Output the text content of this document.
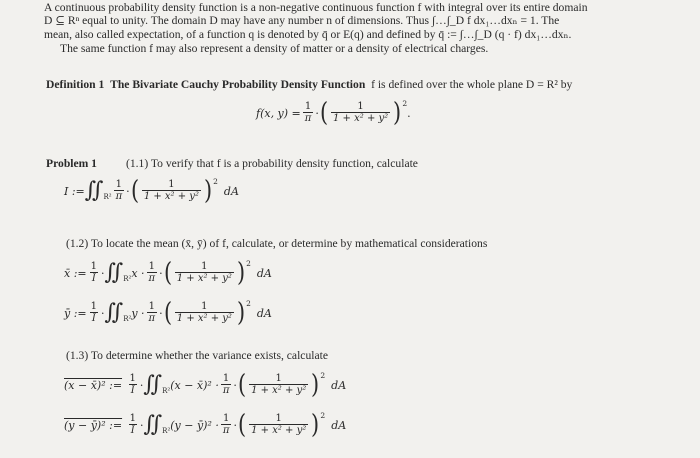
A continuous probability density function is a non-negative continuous function f with integral over its entire domain
D ⊆ Rⁿ equal to unity. The domain D may have any number n of dimensions. Thus ∫…∫_D f dx₁…dxₙ = 1. The
mean, also called expectation, of a function q is denoted by q̄ or E(q) and defined by q̄ := ∫…∫_D (q · f) dx₁…dxₙ.
The same function f may also represent a density of matter or a density of electrical charges.
Definition 1 The Bivariate Cauchy Probability Density Function f is defined over the whole plane D = R² by
f(x, $y) = \frac{1}{\pi}$ · ( $\frac{1}{\text{1 + x² + y²}} )^2$
.
Problem 1	(1.1) To verify that f is a probability density function, calculate
I := $∬_{R^2} \frac{1}{\pi}$ · ( $\frac{1}{\text{1 + x² + y²}} )^2$
dA
(1.2) To locate the mean (x̄, ȳ) of f, calculate, or determine by mathematical considerations
x̄ := $\frac{1}{I}$ · $∬_{R^2}$ $x \cdot \frac{1}{\pi}$ · ( $\frac{1}{\text{1 + x² + y²}} )^2$
dA
ȳ := $\frac{1}{I}$ · $∬_{R^2}$ $y \cdot \frac{1}{\pi}$ · ( $\frac{1}{\text{1 + x² + y²}} )^2$
dA
(1.3) To determine whether the variance exists, calculate
(x − x̄)² :=
$\frac{1}{I}$ · $∬_{R^2}$ (x − x̄)² · $\frac{1}{\pi}$ · ( $\frac{1}{\text{1 + x² + y²}} )^2$
dA
(y − ȳ)² :=
$\frac{1}{I}$ · $∬_{R^2}$ (y − ȳ)² · $\frac{1}{\pi}$ · ( $\frac{1}{\text{1 + x² + y²}} )^2$
dA
